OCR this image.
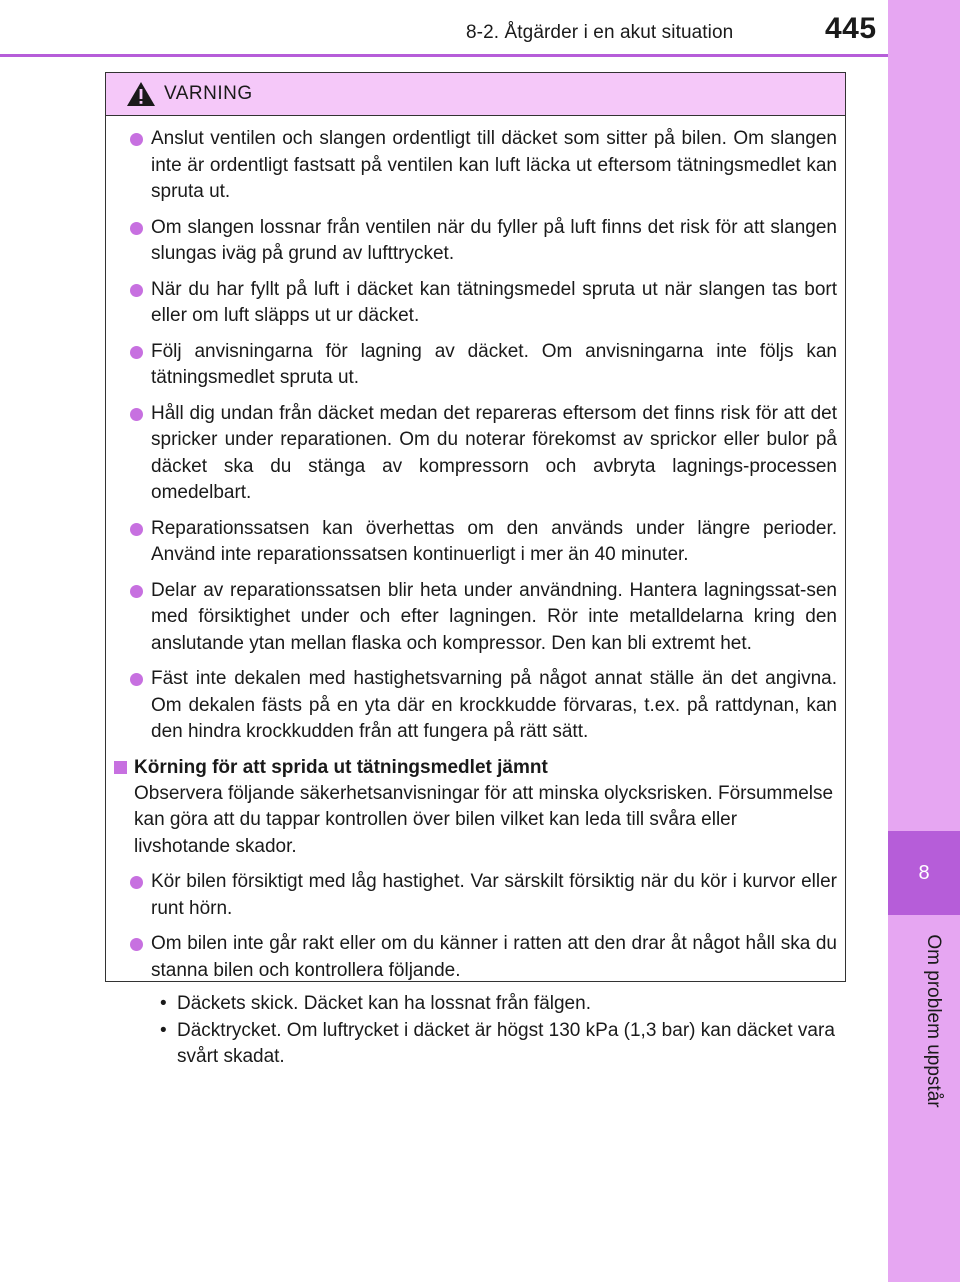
8-2. Åtgärder i en akut situation	445
8
Om problem uppstår
VARNING
Anslut ventilen och slangen ordentligt till däcket som sitter på bilen. Om slangen inte är ordentligt fastsatt på ventilen kan luft läcka ut eftersom tätningsmedlet kan spruta ut.
Om slangen lossnar från ventilen när du fyller på luft finns det risk för att slangen slungas iväg på grund av lufttrycket.
När du har fyllt på luft i däcket kan tätningsmedel spruta ut när slangen tas bort eller om luft släpps ut ur däcket.
Följ anvisningarna för lagning av däcket. Om anvisningarna inte följs kan tätningsmedlet spruta ut.
Håll dig undan från däcket medan det repareras eftersom det finns risk för att det spricker under reparationen. Om du noterar förekomst av sprickor eller bulor på däcket ska du stänga av kompressorn och avbryta lagnings-processen omedelbart.
Reparationssatsen kan överhettas om den används under längre perioder. Använd inte reparationssatsen kontinuerligt i mer än 40 minuter.
Delar av reparationssatsen blir heta under användning. Hantera lagningssat-sen med försiktighet under och efter lagningen. Rör inte metalldelarna kring den anslutande ytan mellan flaska och kompressor. Den kan bli extremt het.
Fäst inte dekalen med hastighetsvarning på något annat ställe än det angivna. Om dekalen fästs på en yta där en krockkudde förvaras, t.ex. på rattdynan, kan den hindra krockkudden från att fungera på rätt sätt.
Körning för att sprida ut tätningsmedlet jämnt
Observera följande säkerhetsanvisningar för att minska olycksrisken. Försummelse kan göra att du tappar kontrollen över bilen vilket kan leda till svåra eller livshotande skador.
Kör bilen försiktigt med låg hastighet. Var särskilt försiktig när du kör i kurvor eller runt hörn.
Om bilen inte går rakt eller om du känner i ratten att den drar åt något håll ska du stanna bilen och kontrollera följande.
• Däckets skick. Däcket kan ha lossnat från fälgen.
• Däcktrycket. Om luftrycket i däcket är högst 130 kPa (1,3 bar) kan däcket vara svårt skadat.
